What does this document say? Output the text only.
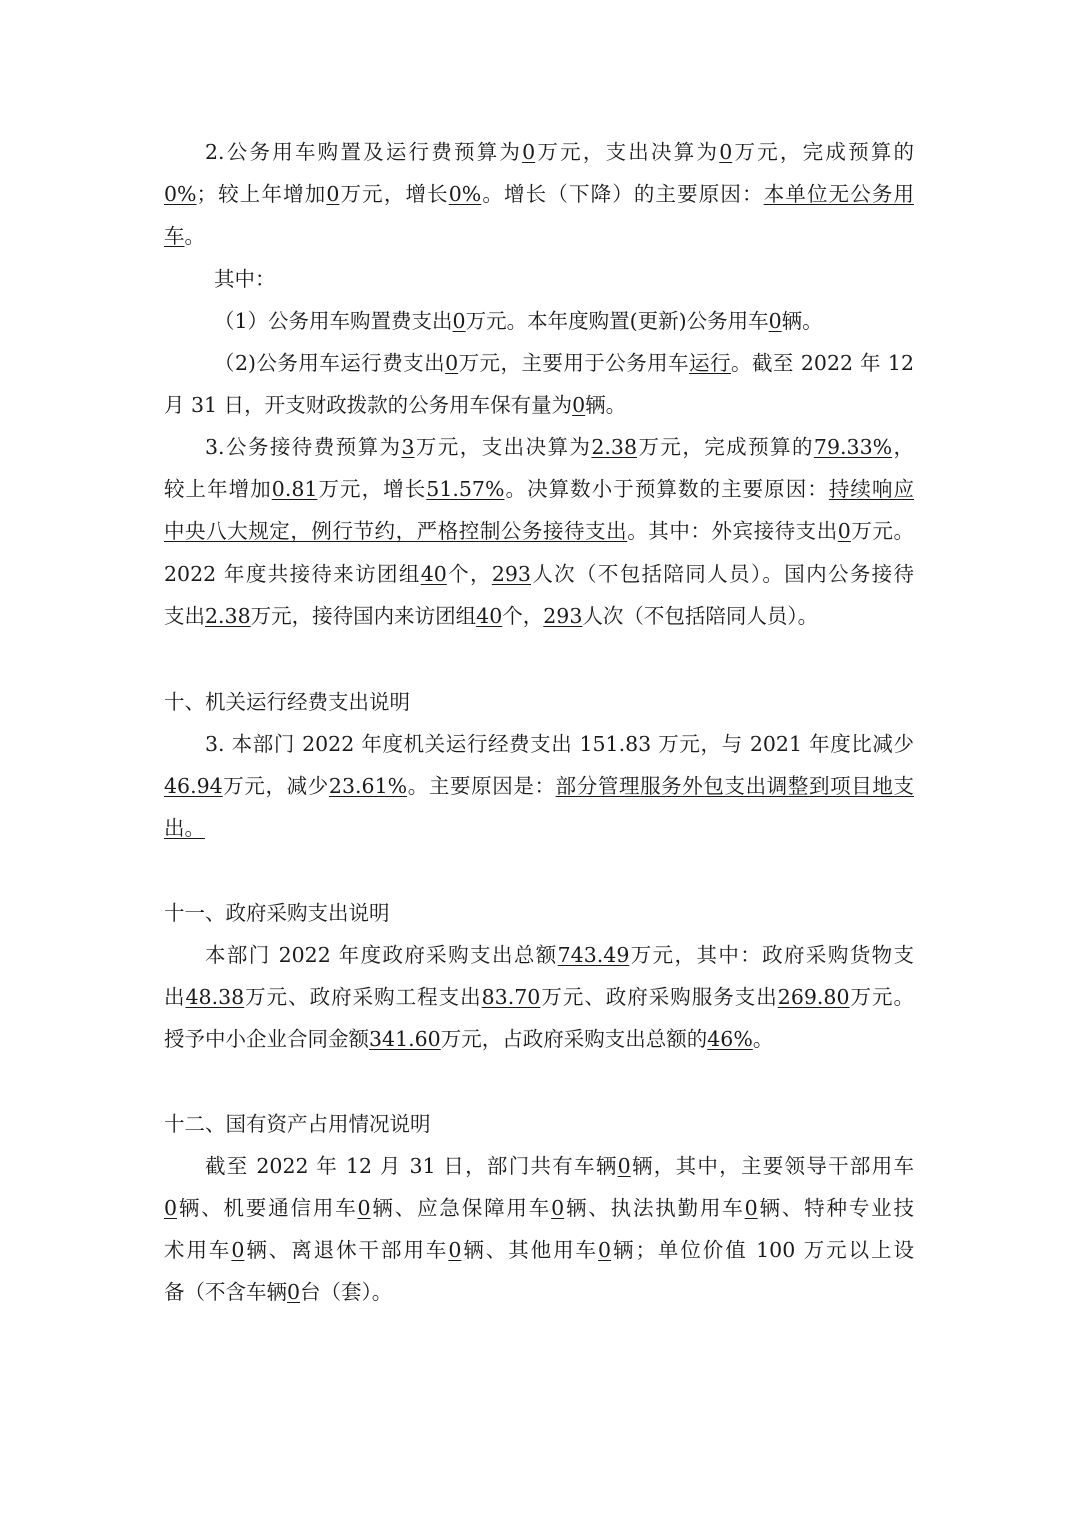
2.公务用车购置及运行费预算为0万元，支出决算为0万元，完成预算的
0%；较上年增加0万元，增长0%。增长（下降）的主要原因：本单位无公务用
车。
其中：
（1）公务用车购置费支出0万元。本年度购置(更新)公务用车0辆。
（2)公务用车运行费支出0万元，主要用于公务用车运行。截至 2022 年 12
月 31 日，开支财政拨款的公务用车保有量为0辆。
3.公务接待费预算为3万元，支出决算为2.38万元，完成预算的79.33%，
较上年增加0.81万元，增长51.57%。决算数小于预算数的主要原因：持续响应
中央八大规定，例行节约，严格控制公务接待支出。其中：外宾接待支出0万元。
2022 年度共接待来访团组40个，293人次（不包括陪同人员）。国内公务接待
支出2.38万元，接待国内来访团组40个，293人次（不包括陪同人员）。
十、机关运行经费支出说明
3. 本部门 2022 年度机关运行经费支出 151.83 万元，与 2021 年度比减少
46.94万元，减少23.61%。主要原因是：部分管理服务外包支出调整到项目地支
出。
十一、政府采购支出说明
本部门 2022 年度政府采购支出总额743.49万元，其中：政府采购货物支
出48.38万元、政府采购工程支出83.70万元、政府采购服务支出269.80万元。
授予中小企业合同金额341.60万元，占政府采购支出总额的46%。
十二、国有资产占用情况说明
截至 2022 年 12 月 31 日，部门共有车辆0辆，其中，主要领导干部用车
0辆、机要通信用车0辆、应急保障用车0辆、执法执勤用车0辆、特种专业技
术用车0辆、离退休干部用车0辆、其他用车0辆；单位价值 100 万元以上设
备（不含车辆0台（套）。
